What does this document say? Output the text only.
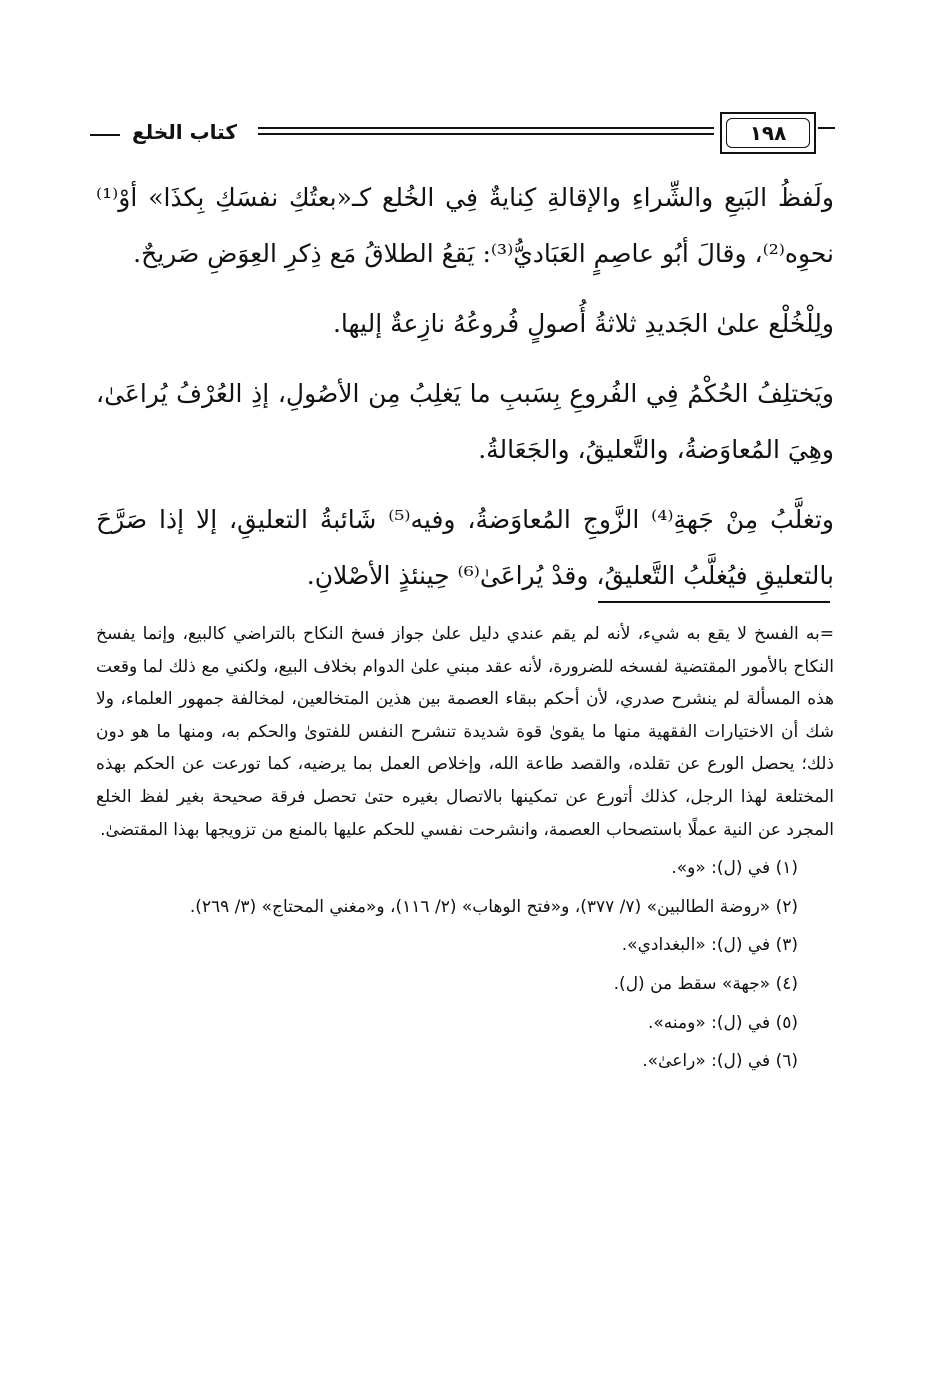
كتاب الخلع	١٩٨

ولَفظُ البَيعِ والشِّراءِ والإقالةِ كِنايةٌ فِي الخُلع كـ«بعتُكِ نفسَكِ بِكذَا» أوْ⁽¹⁾ نحوِه⁽²⁾، وقالَ أبُو عاصِمٍ العَبَاديُّ⁽³⁾: يَقعُ الطلاقُ مَع ذِكرِ العِوَضِ صَريحٌ.

ولِلْخُلْع علىٰ الجَديدِ ثلاثةُ أُصولٍ فُروعُهُ نازِعةٌ إليها.

ويَختلِفُ الحُكْمُ فِي الفُروعِ بِسَببِ ما يَغلِبُ مِن الأصُولِ، إذِ العُرْفُ يُراعَىٰ، وهِيَ المُعاوَضةُ، والتَّعليقُ، والجَعَالةُ.

وتغلَّبُ مِنْ جَهةِ⁽⁴⁾ الزَّوجِ المُعاوَضةُ، وفيه⁽⁵⁾ شَائبةُ التعليقِ، إلا إذا صَرَّحَ بالتعليقِ فيُغلَّبُ التَّعليقُ، وقدْ يُراعَىٰ⁽⁶⁾ حِينئذٍ الأصْلانِ.

=به الفسخ لا يقع به شيء، لأنه لم يقم عندي دليل علىٰ جواز فسخ النكاح بالتراضي كالبيع، وإنما يفسخ النكاح بالأمور المقتضية لفسخه للضرورة، لأنه عقد مبني علىٰ الدوام بخلاف البيع، ولكني مع ذلك لما وقعت هذه المسألة لم ينشرح صدري، لأن أحكم ببقاء العصمة بين هذين المتخالعين، لمخالفة جمهور العلماء، ولا شك أن الاختيارات الفقهية منها ما يقوىٰ قوة شديدة تنشرح النفس للفتوىٰ والحكم به، ومنها ما هو دون ذلك؛ يحصل الورع عن تقلده، والقصد طاعة الله، وإخلاص العمل بما يرضيه، كما تورعت عن الحكم بهذه المختلعة لهذا الرجل، كذلك أتورع عن تمكينها بالاتصال بغيره حتىٰ تحصل فرقة صحيحة بغير لفظ الخلع المجرد عن النية عملًا باستصحاب العصمة، وانشرحت نفسي للحكم عليها بالمنع من تزويجها بهذا المقتضىٰ.

(١) في (ل): «و».

(٢) «روضة الطالبين» (٧/ ٣٧٧)، و«فتح الوهاب» (٢/ ١١٦)، و«مغني المحتاج» (٣/ ٢٦٩).

(٣) في (ل): «البغدادي».

(٤) «جهة» سقط من (ل).

(٥) في (ل): «ومنه».

(٦) في (ل): «راعىٰ».
